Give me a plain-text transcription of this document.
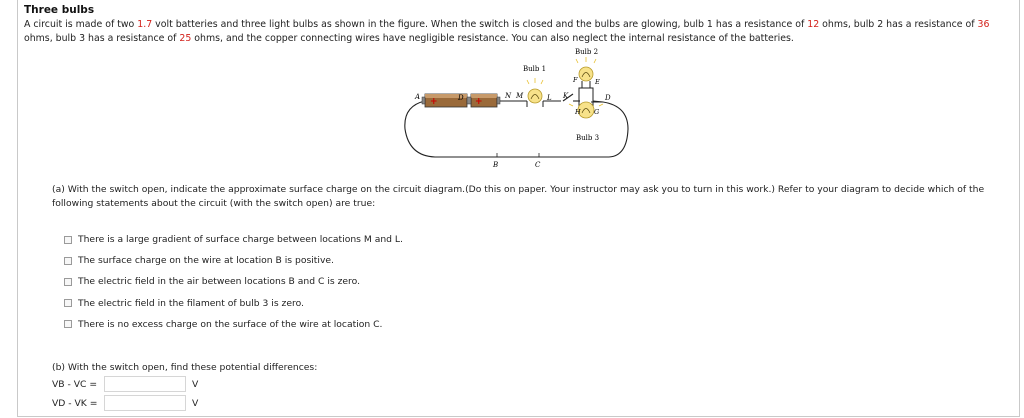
Three bulbs
A circuit is made of two 1.7 volt batteries and three light bulbs as shown in the figure. When the switch is closed and the bulbs are glowing, bulb 1 has a resistance of 12 ohms, bulb 2 has a resistance of 36 ohms, bulb 3 has a resistance of 25 ohms, and the copper connecting wires have negligible resistance. You can also neglect the internal resistance of the batteries.
+	+
A	D	N M
Bulb 1
L K
B	C
Bulb 2
F	E
H G
D
Bulb 3
(a) With the switch open, indicate the approximate surface charge on the circuit diagram.(Do this on paper. Your instructor may ask you to turn in this work.) Refer to your diagram to decide which of the following statements about the circuit (with the switch open) are true:
There is a large gradient of surface charge between locations M and L.
The surface charge on the wire at location B is positive.
The electric field in the air between locations B and C is zero.
The electric field in the filament of bulb 3 is zero.
There is no excess charge on the surface of the wire at location C.
(b) With the switch open, find these potential differences:
VB - VC =	V
VD - VK =	V
